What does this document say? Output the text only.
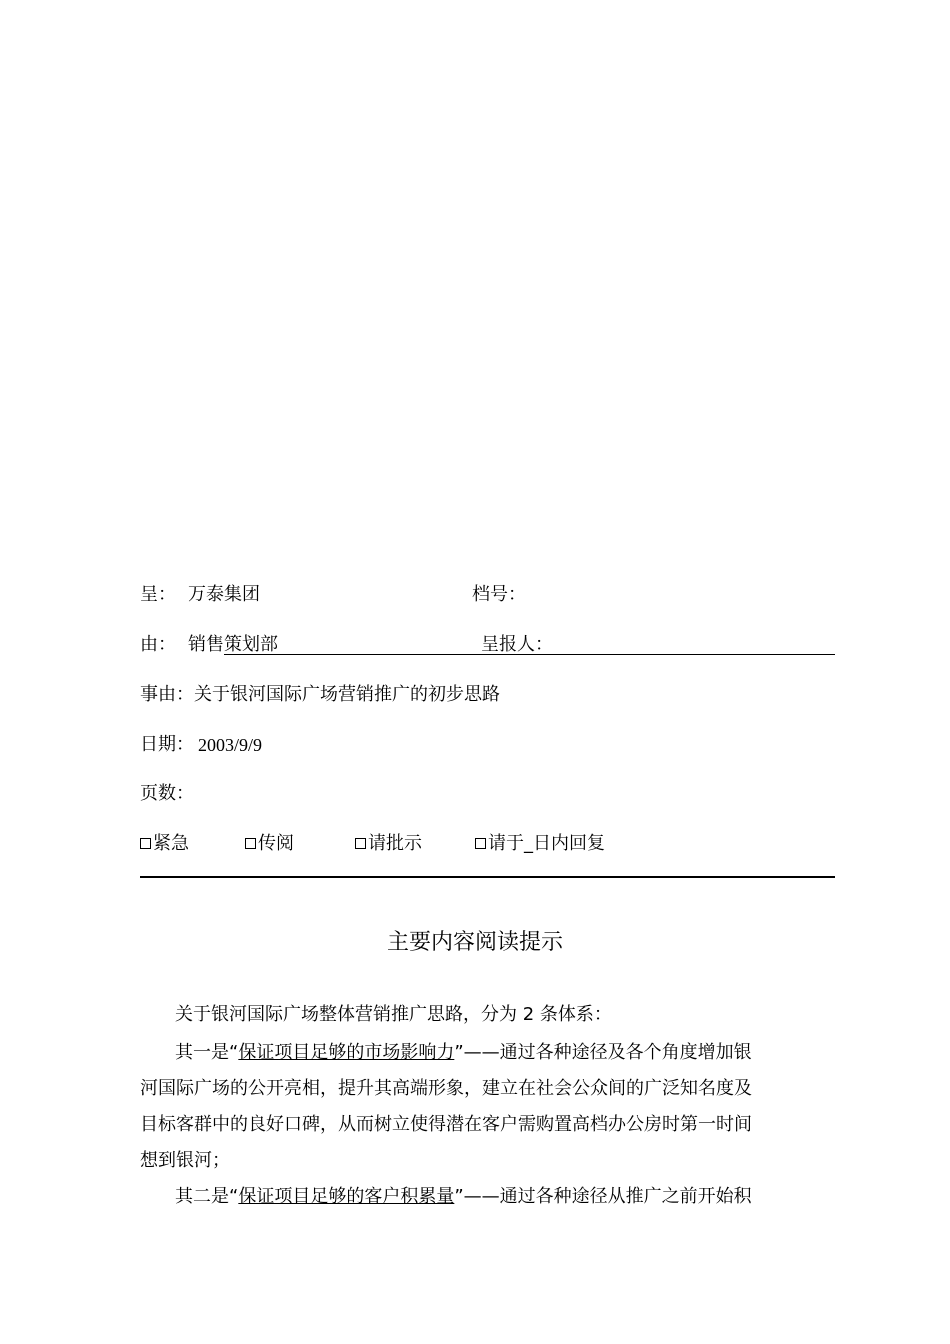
呈： 万泰集团	档号：
由： 销售策划部	呈报人：
事由：关于银河国际广场营销推广的初步思路
日期： 2003/9/9
页数：
紧急	传阅	请批示	请于_日内回复
主要内容阅读提示
关于银河国际广场整体营销推广思路，分为 2 条体系：
其一是“保证项目足够的市场影响力”——通过各种途径及各个角度增加银
河国际广场的公开亮相，提升其高端形象，建立在社会公众间的广泛知名度及
目标客群中的良好口碑，从而树立使得潜在客户需购置高档办公房时第一时间
想到银河；
其二是“保证项目足够的客户积累量”——通过各种途径从推广之前开始积
